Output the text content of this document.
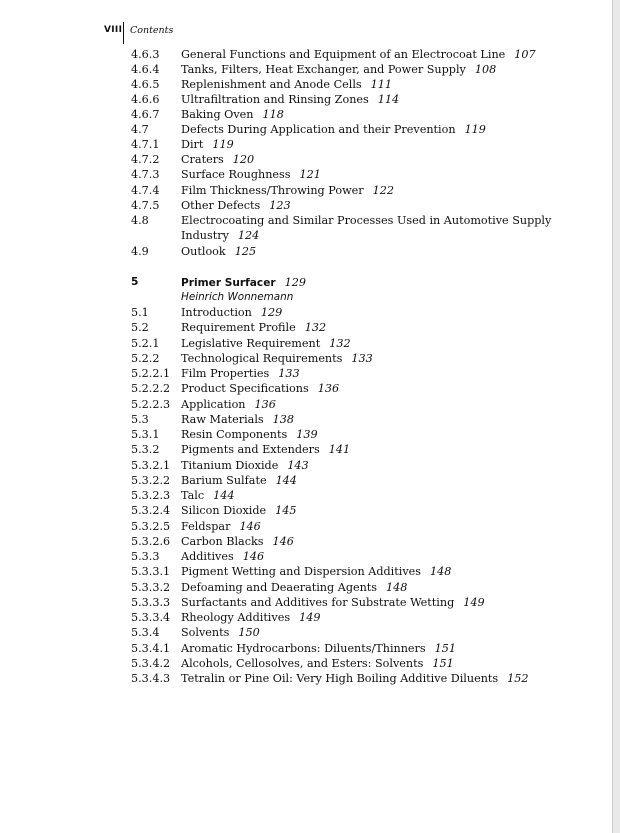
VIII Contents
4.6.3 General Functions and Equipment of an Electrocoat Line 107
4.6.4 Tanks, Filters, Heat Exchanger, and Power Supply 108
4.6.5 Replenishment and Anode Cells 111
4.6.6 Ultrafiltration and Rinsing Zones 114
4.6.7 Baking Oven 118
4.7	Defects During Application and their Prevention 119
4.7.1 Dirt 119
4.7.2 Craters 120
4.7.3 Surface Roughness 121
4.7.4 Film Thickness/Throwing Power 122
4.7.5 Other Defects 123
4.8	Electrocoating and Similar Processes Used in Automotive Supply
Industry 124
4.9	Outlook 125
5	Primer Surfacer 129
Heinrich Wonnemann
5.1	Introduction 129
5.2	Requirement Profile 132
5.2.1 Legislative Requirement 132
5.2.2 Technological Requirements 133
5.2.2.1 Film Properties 133
5.2.2.2 Product Specifications 136
5.2.2.3 Application 136
5.3	Raw Materials 138
5.3.1 Resin Components 139
5.3.2 Pigments and Extenders 141
5.3.2.1 Titanium Dioxide 143
5.3.2.2 Barium Sulfate 144
5.3.2.3 Talc 144
5.3.2.4 Silicon Dioxide 145
5.3.2.5 Feldspar 146
5.3.2.6 Carbon Blacks 146
5.3.3 Additives 146
5.3.3.1 Pigment Wetting and Dispersion Additives 148
5.3.3.2 Defoaming and Deaerating Agents 148
5.3.3.3 Surfactants and Additives for Substrate Wetting 149
5.3.3.4 Rheology Additives 149
5.3.4 Solvents 150
5.3.4.1 Aromatic Hydrocarbons: Diluents/Thinners 151
5.3.4.2 Alcohols, Cellosolves, and Esters: Solvents 151
5.3.4.3 Tetralin or Pine Oil: Very High Boiling Additive Diluents 152
